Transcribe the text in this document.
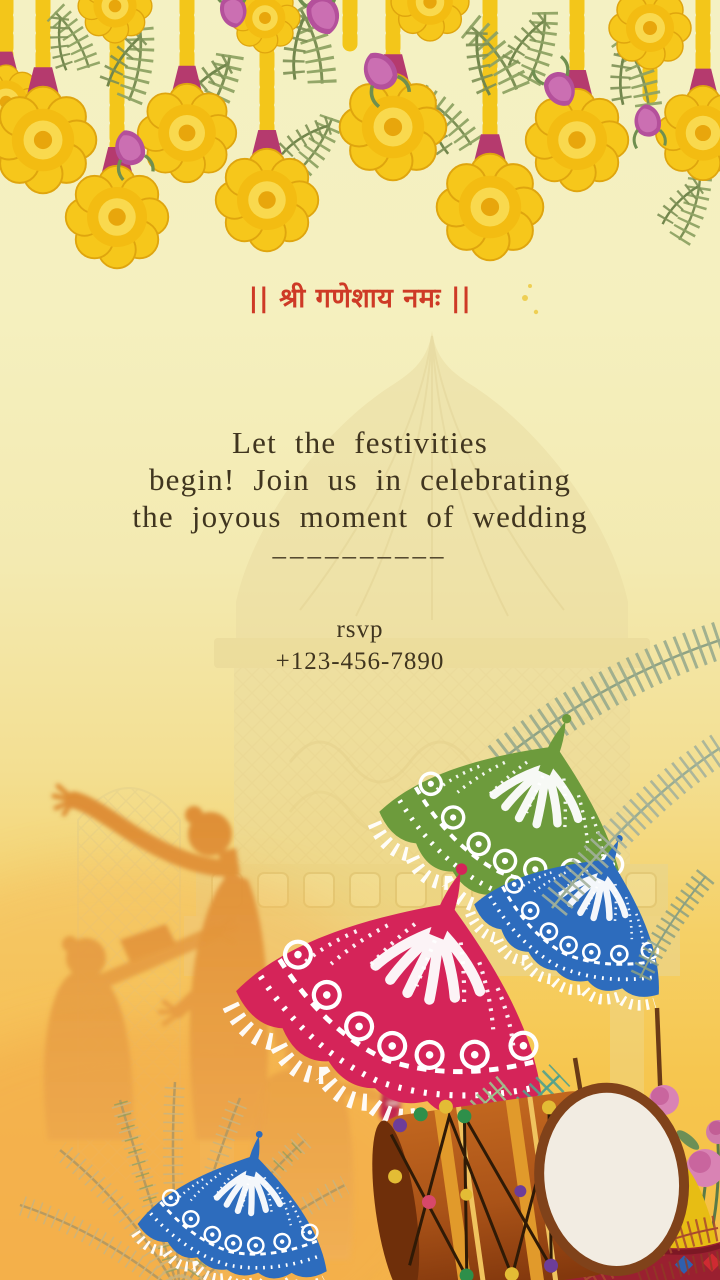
|| श्री गणेशाय नमः ||
Let the festivities
begin! Join us in celebrating
the joyous moment of wedding
––––––––––
rsvp
+123-456-7890
